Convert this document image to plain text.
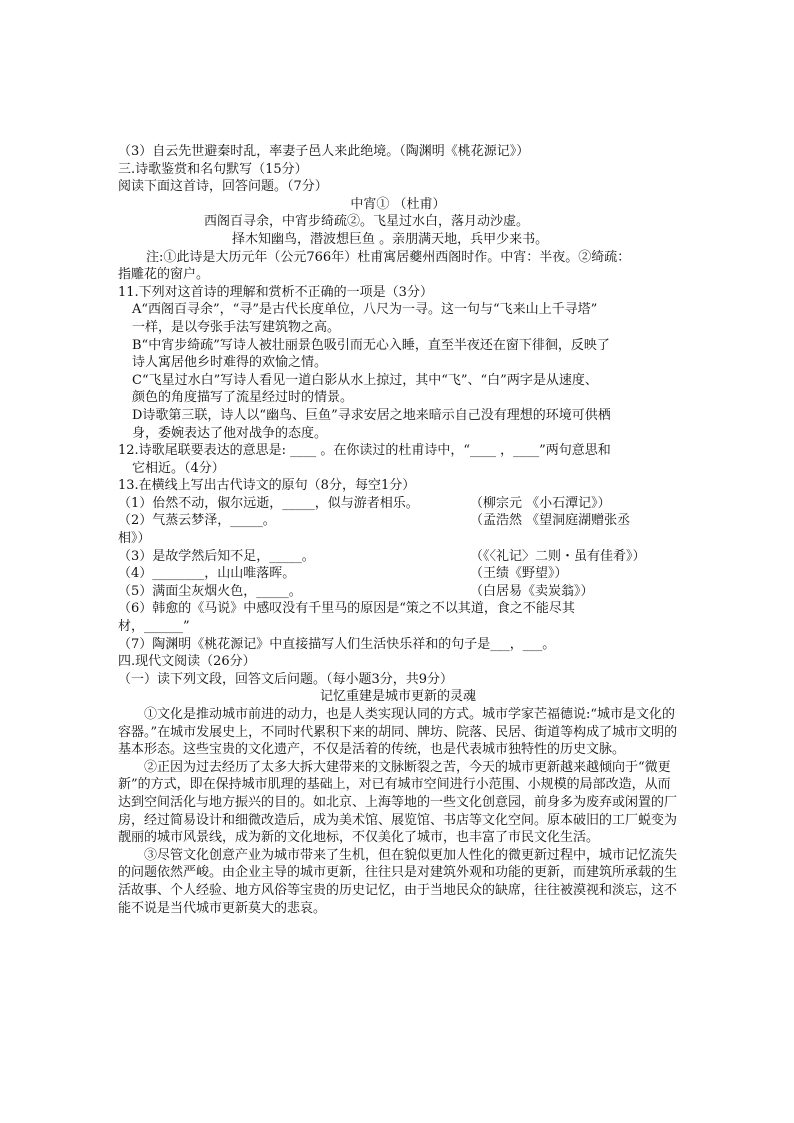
（3）自云先世避秦时乱，率妻子邑人来此绝境。（陶渊明《桃花源记》）
三.诗歌鉴赏和名句默写（15分）
阅读下面这首诗，回答问题。（7分）
中宵① （杜甫）
西阁百寻余，中宵步绮疏②。飞星过水白，落月动沙虚。
择木知幽鸟，潜波想巨鱼 。亲朋满天地，兵甲少来书。
注:①此诗是大历元年（公元766年）杜甫寓居夔州西阁时作。中宵：半夜。②绮疏：
指雕花的窗户。
11.下列对这首诗的理解和赏析不正确的一项是（3分）
A“西阁百寻余”，“寻”是古代长度单位，八尺为一寻。这一句与“飞来山上千寻塔”
一样，是以夸张手法写建筑物之高。
B“中宵步绮疏”写诗人被壮丽景色吸引而无心入睡，直至半夜还在窗下徘徊，反映了
诗人寓居他乡时难得的欢愉之情。
C“飞星过水白”写诗人看见一道白影从水上掠过，其中“飞”、“白”两字是从速度、
颜色的角度描写了流星经过时的情景。
D诗歌第三联，诗人以“幽鸟、巨鱼”寻求安居之地来暗示自己没有理想的环境可供栖
身，委婉表达了他对战争的态度。
12.诗歌尾联要表达的意思是: ____ 。在你读过的杜甫诗中，“____ ，____”两句意思和
它相近。（4分）
13.在横线上写出古代诗文的原句（8分，每空1分）
（1）佁然不动，俶尔远逝，_____，似与游者相乐。	（柳宗元 《小石潭记》）
（2）气蒸云梦泽，_____。	（孟浩然 《望洞庭湖赠张丞
相》）
（3）是故学然后知不足，_____。	（《〈礼记〉二则・虽有佳肴》）
（4）________，山山唯落晖。	（王绩《野望》）
（5）满面尘灰烟火色，_____。	（白居易《卖炭翁》）
（6）韩愈的《马说》中感叹没有千里马的原因是“策之不以其道，食之不能尽其
材，______”
（7）陶渊明《桃花源记》中直接描写人们生活快乐祥和的句子是___，___。
四.现代文阅读（26分）
（一）读下列文段，回答文后问题。（每小题3分，共9分）
记忆重建是城市更新的灵魂
①文化是推动城市前进的动力，也是人类实现认同的方式。城市学家芒福德说:“城市是文化的容器。”在城市发展史上，不同时代累积下来的胡同、牌坊、院落、民居、街道等构成了城市文明的基本形态。这些宝贵的文化遗产，不仅是活着的传统，也是代表城市独特性的历史文脉。
②正因为过去经历了太多大拆大建带来的文脉断裂之苦，今天的城市更新越来越倾向于“微更新”的方式，即在保持城市肌理的基础上，对已有城市空间进行小范围、小规模的局部改造，从而达到空间活化与地方振兴的目的。如北京、上海等地的一些文化创意园，前身多为废弃或闲置的厂房，经过简易设计和细微改造后，成为美术馆、展览馆、书店等文化空间。原本破旧的工厂蜕变为靓丽的城市风景线，成为新的文化地标，不仅美化了城市，也丰富了市民文化生活。
③尽管文化创意产业为城市带来了生机，但在貌似更加人性化的微更新过程中，城市记忆流失的问题依然严峻。由企业主导的城市更新，往往只是对建筑外观和功能的更新，而建筑所承载的生活故事、个人经验、地方风俗等宝贵的历史记忆，由于当地民众的缺席，往往被漠视和淡忘，这不能不说是当代城市更新莫大的悲哀。
